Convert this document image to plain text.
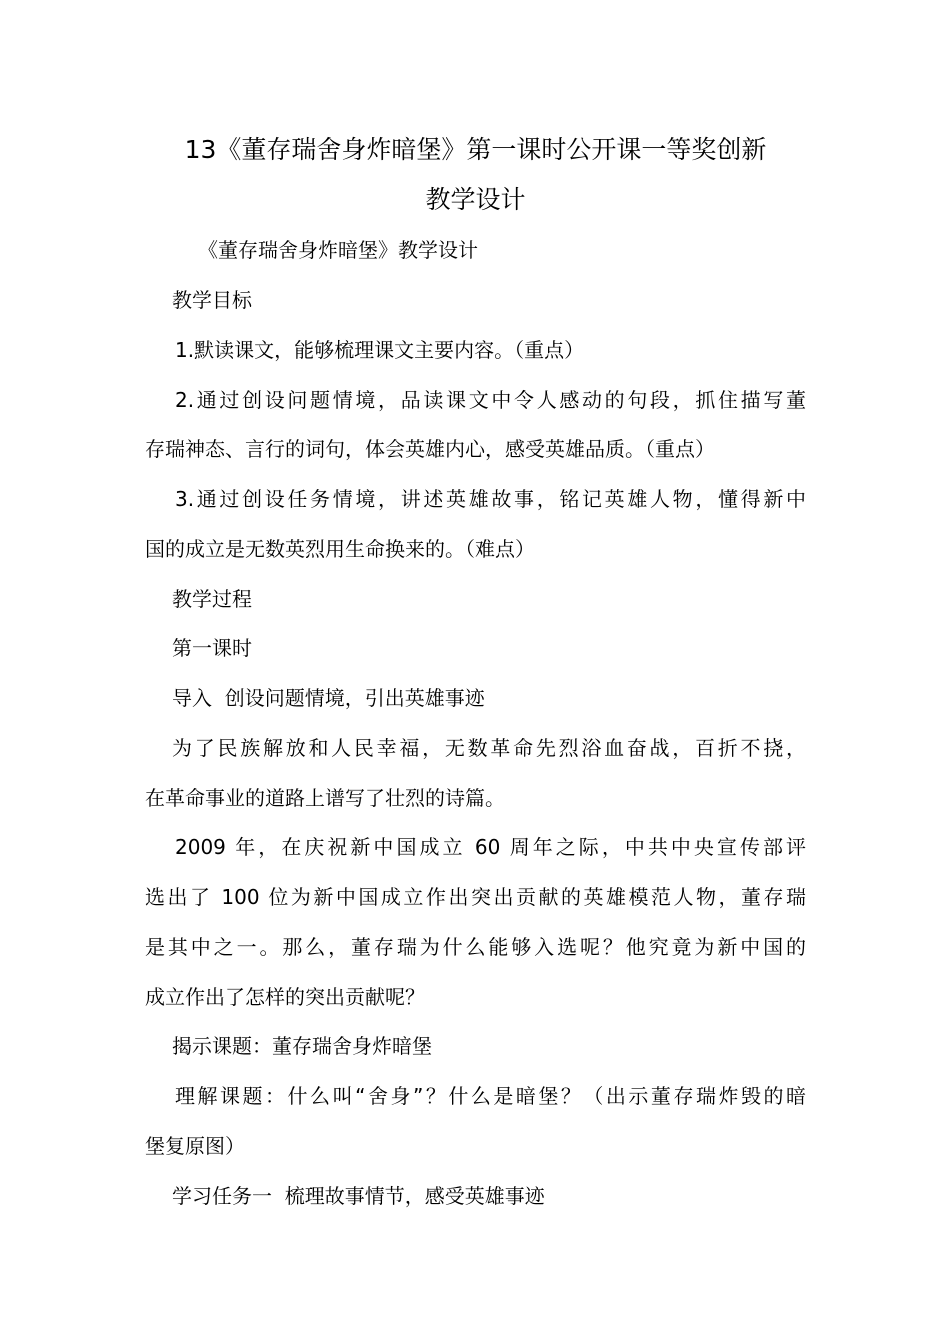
13《董存瑞舍身炸暗堡》第一课时公开课一等奖创新
教学设计
《董存瑞舍身炸暗堡》教学设计
教学目标
1.默读课文，能够梳理课文主要内容。（重点）
2.通过创设问题情境，品读课文中令人感动的句段，抓住描写董
存瑞神态、言行的词句，体会英雄内心，感受英雄品质。（重点）
3.通过创设任务情境，讲述英雄故事，铭记英雄人物，懂得新中
国的成立是无数英烈用生命换来的。（难点）
教学过程
第一课时
导入  创设问题情境，引出英雄事迹
为了民族解放和人民幸福，无数革命先烈浴血奋战，百折不挠，
在革命事业的道路上谱写了壮烈的诗篇。
2009 年，在庆祝新中国成立 60 周年之际，中共中央宣传部评
选出了 100 位为新中国成立作出突出贡献的英雄模范人物，董存瑞
是其中之一。那么，董存瑞为什么能够入选呢？他究竟为新中国的
成立作出了怎样的突出贡献呢？
揭示课题：董存瑞舍身炸暗堡
理解课题：什么叫“舍身”？什么是暗堡？（出示董存瑞炸毁的暗
堡复原图）
学习任务一  梳理故事情节，感受英雄事迹
